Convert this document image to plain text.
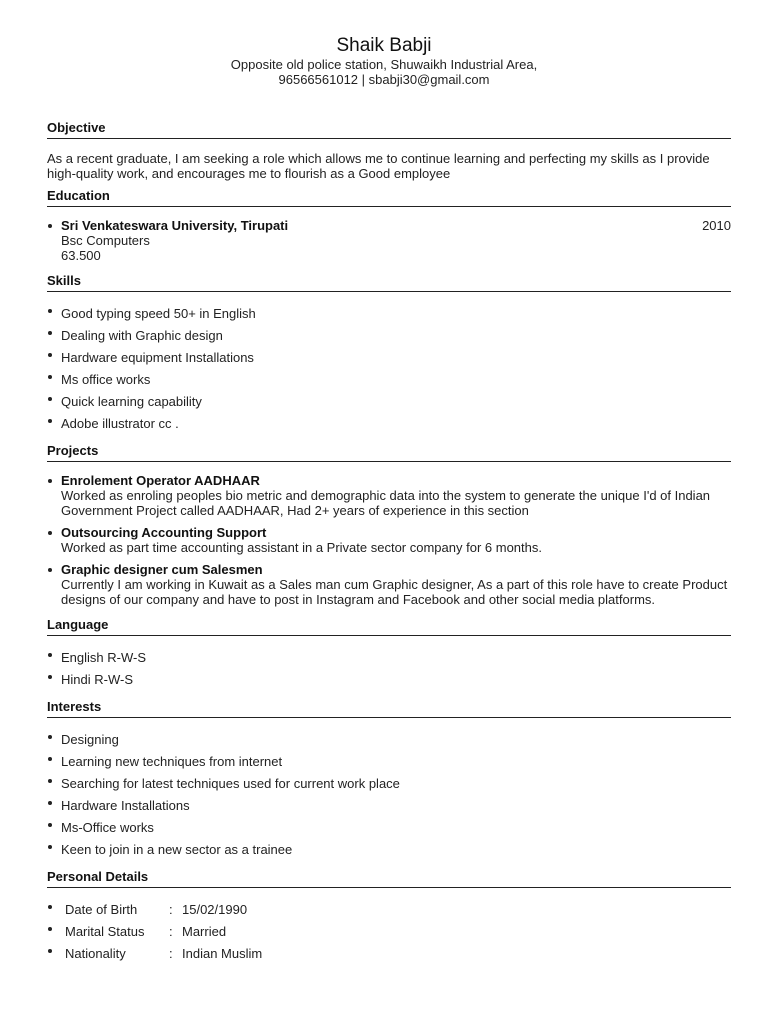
Shaik Babji
Opposite old police station, Shuwaikh Industrial Area,
96566561012 | sbabji30@gmail.com
Objective
As a recent graduate, I am seeking a role which allows me to continue learning and perfecting my skills as I provide high-quality work, and encourages me to flourish as a Good employee
Education
Sri Venkateswara University, Tirupati	2010
Bsc Computers
63.500
Skills
Good typing speed 50+ in English
Dealing with Graphic design
Hardware equipment Installations
Ms office works
Quick learning capability
Adobe illustrator cc .
Projects
Enrolement Operator AADHAAR
Worked as enroling peoples bio metric and demographic data into the system to generate the unique I'd of Indian Government Project called AADHAAR, Had 2+ years of experience in this section
Outsourcing Accounting Support
Worked as part time accounting assistant in a Private sector company for 6 months.
Graphic designer cum Salesmen
Currently I am working in Kuwait as a Sales man cum Graphic designer, As a part of this role have to create Product designs of our company and have to post in Instagram and Facebook and other social media platforms.
Language
English R-W-S
Hindi R-W-S
Interests
Designing
Learning new techniques from internet
Searching for latest techniques used for current work place
Hardware Installations
Ms-Office works
Keen to join in a new sector as a trainee
Personal Details
Date of Birth	: 15/02/1990
Marital Status	: Married
Nationality	: Indian Muslim
